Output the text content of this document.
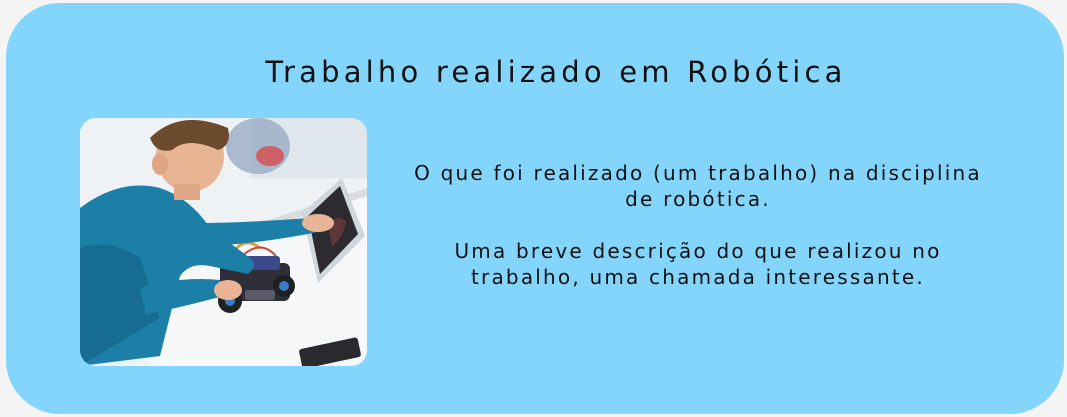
Trabalho realizado em Robótica

O que foi realizado (um trabalho) na disciplina de robótica.

Uma breve descrição do que realizou no trabalho, uma chamada interessante.
